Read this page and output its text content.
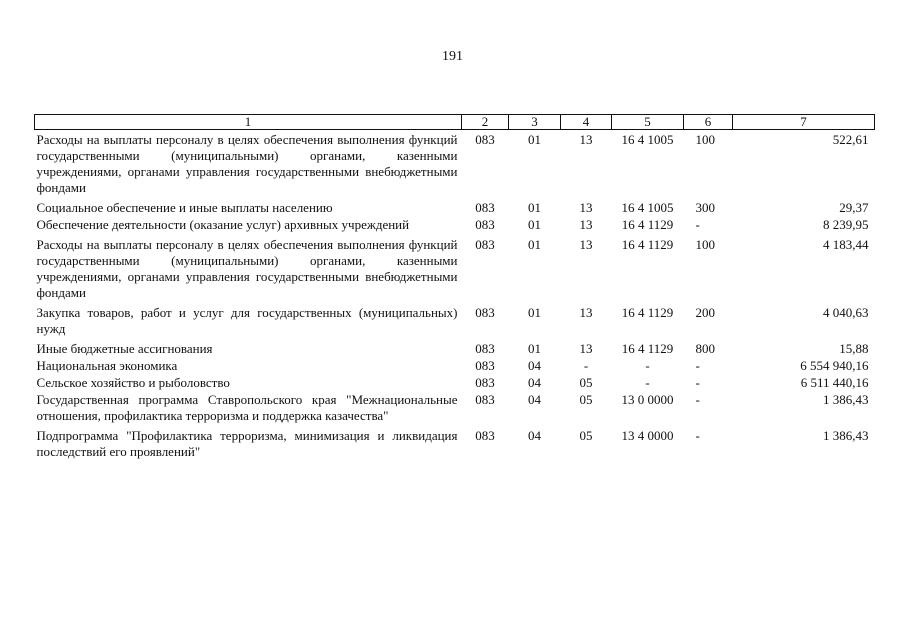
191
1	2	3	4	5	6	7
Расходы на выплаты персоналу в целях обеспечения выполнения функций государственными (муниципальными) органами, казенными учреждениями, органами управления государственными внебюджетными фондами	083	01	13	16 4 1005	100	522,61
Социальное обеспечение и иные выплаты населению	083	01	13	16 4 1005	300	29,37
Обеспечение деятельности (оказание услуг) архивных учреждений	083	01	13	16 4 1129	-	8 239,95
Расходы на выплаты персоналу в целях обеспечения выполнения функций государственными (муниципальными) органами, казенными учреждениями, органами управления государственными внебюджетными фондами	083	01	13	16 4 1129	100	4 183,44
Закупка товаров, работ и услуг для государственных (муниципальных) нужд	083	01	13	16 4 1129	200	4 040,63
Иные бюджетные ассигнования	083	01	13	16 4 1129	800	15,88
Национальная экономика	083	04	-	-	-	6 554 940,16
Сельское хозяйство и рыболовство	083	04	05	-	-	6 511 440,16
Государственная программа Ставропольского края "Межнациональные отношения, профилактика терроризма и поддержка казачества"	083	04	05	13 0 0000	-	1 386,43
Подпрограмма "Профилактика терроризма, минимизация и ликвидация последствий его проявлений"	083	04	05	13 4 0000	-	1 386,43
